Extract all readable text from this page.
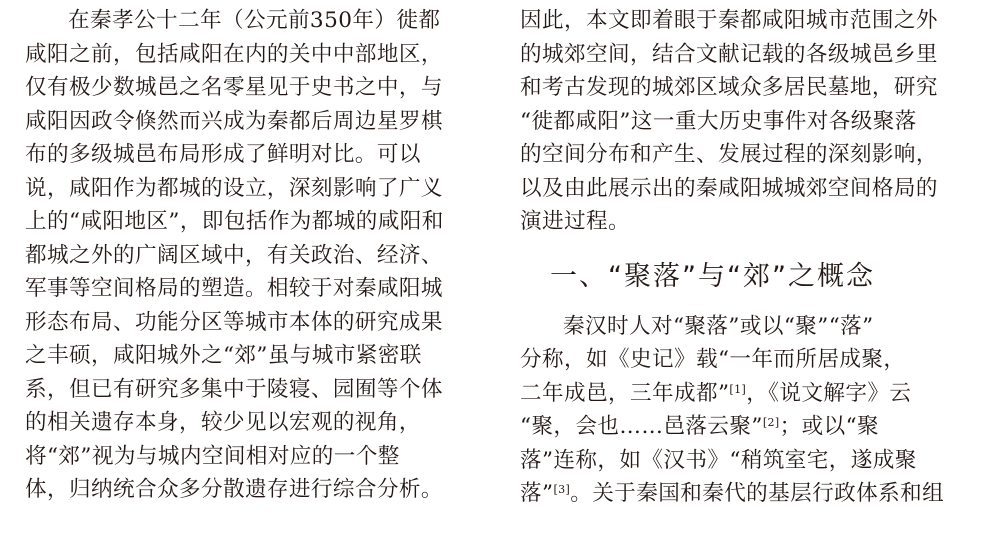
在秦孝公十二年（公元前350年）徙都
咸阳之前，包括咸阳在内的关中中部地区，
仅有极少数城邑之名零星见于史书之中，与
咸阳因政令倏然而兴成为秦都后周边星罗棋
布的多级城邑布局形成了鲜明对比。可以
说，咸阳作为都城的设立，深刻影响了广义
上的“咸阳地区”，即包括作为都城的咸阳和
都城之外的广阔区域中，有关政治、经济、
军事等空间格局的塑造。相较于对秦咸阳城
形态布局、功能分区等城市本体的研究成果
之丰硕，咸阳城外之“郊”虽与城市紧密联
系，但已有研究多集中于陵寝、园囿等个体
的相关遗存本身，较少见以宏观的视角，
将“郊”视为与城内空间相对应的一个整
体，归纳统合众多分散遗存进行综合分析。
因此，本文即着眼于秦都咸阳城市范围之外
的城郊空间，结合文献记载的各级城邑乡里
和考古发现的城郊区域众多居民墓地，研究
“徙都咸阳”这一重大历史事件对各级聚落
的空间分布和产生、发展过程的深刻影响，
以及由此展示出的秦咸阳城城郊空间格局的
演进过程。
一、“聚落”与“郊”之概念
秦汉时人对“聚落”或以“聚”“落”
分称，如《史记》载“一年而所居成聚，
二年成邑，三年成都”[1]，《说文解字》云
“聚，会也……邑落云聚”[2]；或以“聚
落”连称，如《汉书》“稍筑室宅，遂成聚
落”[3]。关于秦国和秦代的基层行政体系和组
